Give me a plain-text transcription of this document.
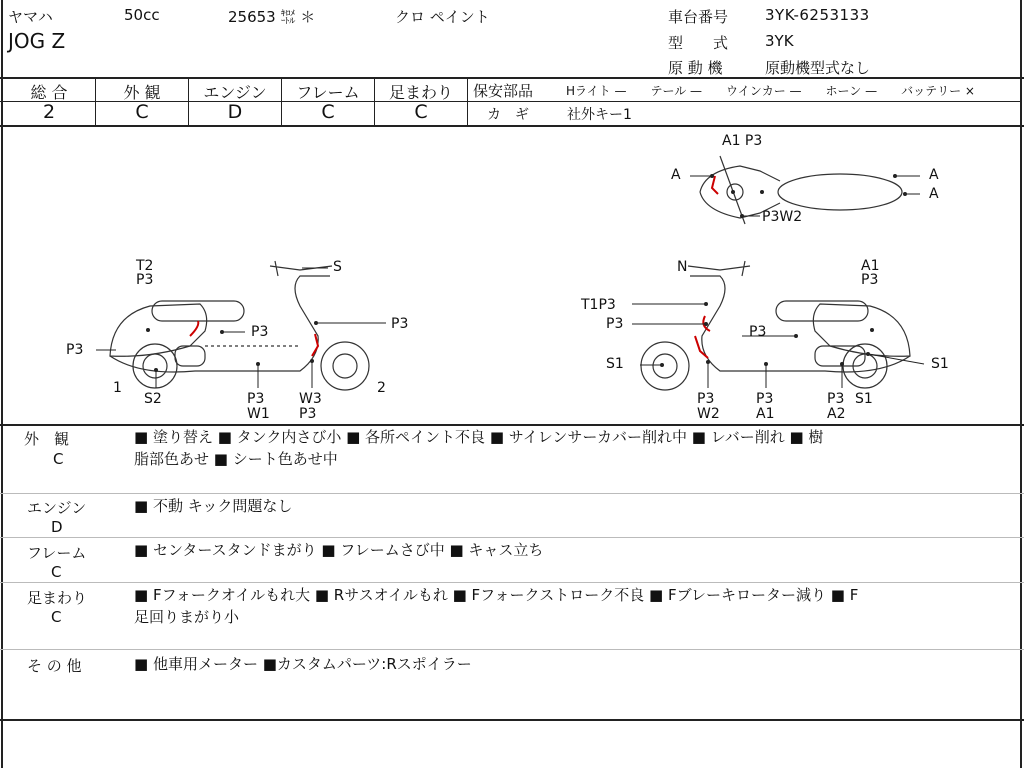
ヤマハ	50cc	25653 ㌖ ＊	クロ ペイント
JOG Z
車台番号 3YK-6253133
型　　式 3YK
原 動 機	原動機型式なし
総 合	外 観	エンジン	フレーム	足まわり
2	C	D	C	C
保安部品	Hライト —　　テール —　　ウインカー —　　ホーン —　　バッテリー ×
カ　ギ	社外キー1
T2
P3
S
P3	P3
P3
1
S2	P3
W1
W3
P3
2
A1 P3
A	A
A
P3W2
N	A1
P3
T1P3
P3	P3
S1	S1
P3
W2
P3
A1
P3
A2
S1
外　観
C
■ 塗り替え ■ タンク内さび小 ■ 各所ペイント不良 ■ サイレンサーカバー削れ中 ■ レバー削れ ■ 樹
脂部色あせ ■ シート色あせ中
エンジン
D
■ 不動 キック問題なし
フレーム
C
■ センタースタンドまがり ■ フレームさび中 ■ キャス立ち
足まわり
C
■ Fフォークオイルもれ大 ■ Rサスオイルもれ ■ Fフォークストローク不良 ■ Fブレーキローター減り ■ F
足回りまがり小
そ の 他	■ 他車用メーター ■カスタムパーツ:Rスポイラー
